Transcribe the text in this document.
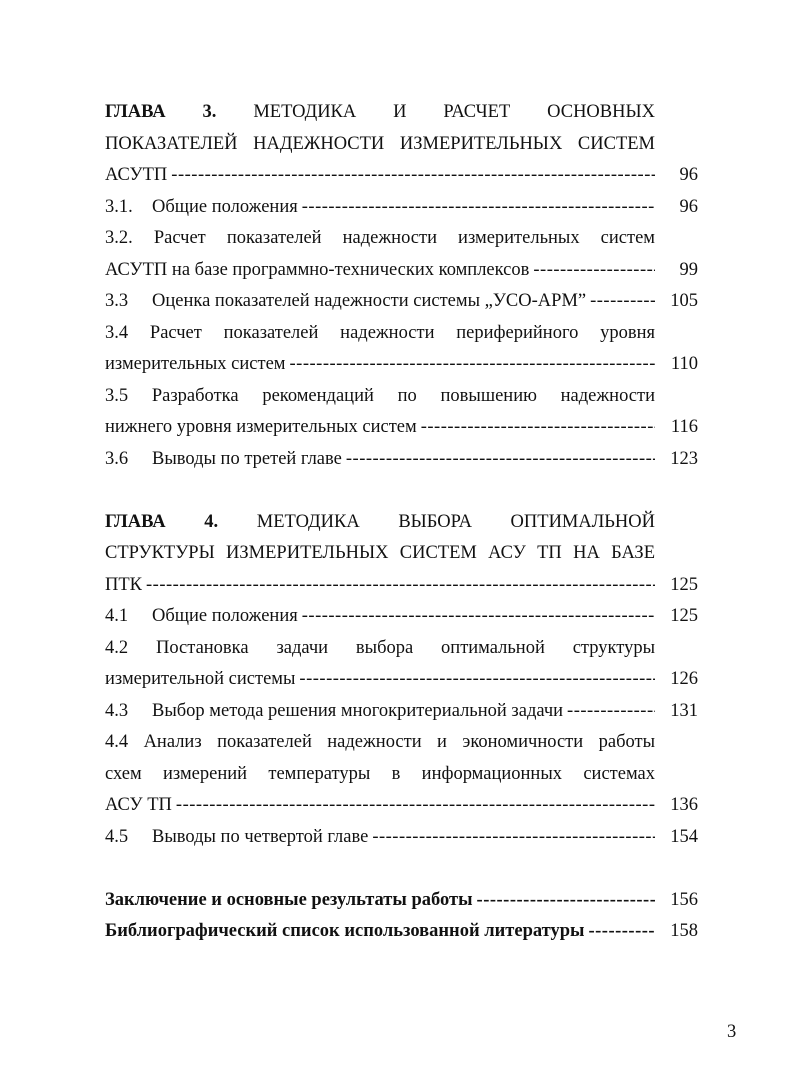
ГЛАВА 3. МЕТОДИКА И РАСЧЕТ ОСНОВНЫХ
ПОКАЗАТЕЛЕЙ НАДЕЖНОСТИ ИЗМЕРИТЕЛЬНЫХ СИСТЕМ
АСУТП -----	96
3.1.	Общие положения -----	96
3.2. Расчет показателей надежности измерительных систем
АСУТП на базе программно-технических комплексов -----	99
3.3	Оценка показателей надежности системы „УСО-АРМ” -----	105
3.4 Расчет показателей надежности периферийного уровня
измерительных систем -----	110
3.5 Разработка рекомендаций по повышению надежности
нижнего уровня измерительных систем -----	116
3.6	Выводы по третей главе -----	123
ГЛАВА 4. МЕТОДИКА ВЫБОРА ОПТИМАЛЬНОЙ
СТРУКТУРЫ ИЗМЕРИТЕЛЬНЫХ СИСТЕМ АСУ ТП НА БАЗЕ
ПТК -----	125
4.1	Общие положения -----	125
4.2 Постановка задачи выбора оптимальной структуры
измерительной системы -----	126
4.3	Выбор метода решения многокритериальной задачи -----	131
4.4 Анализ показателей надежности и экономичности работы
схем измерений температуры в информационных системах
АСУ ТП -----	136
4.5	Выводы по четвертой главе -----	154
Заключение и основные результаты работы -----	156
Библиографический список использованной литературы -----	158
3
